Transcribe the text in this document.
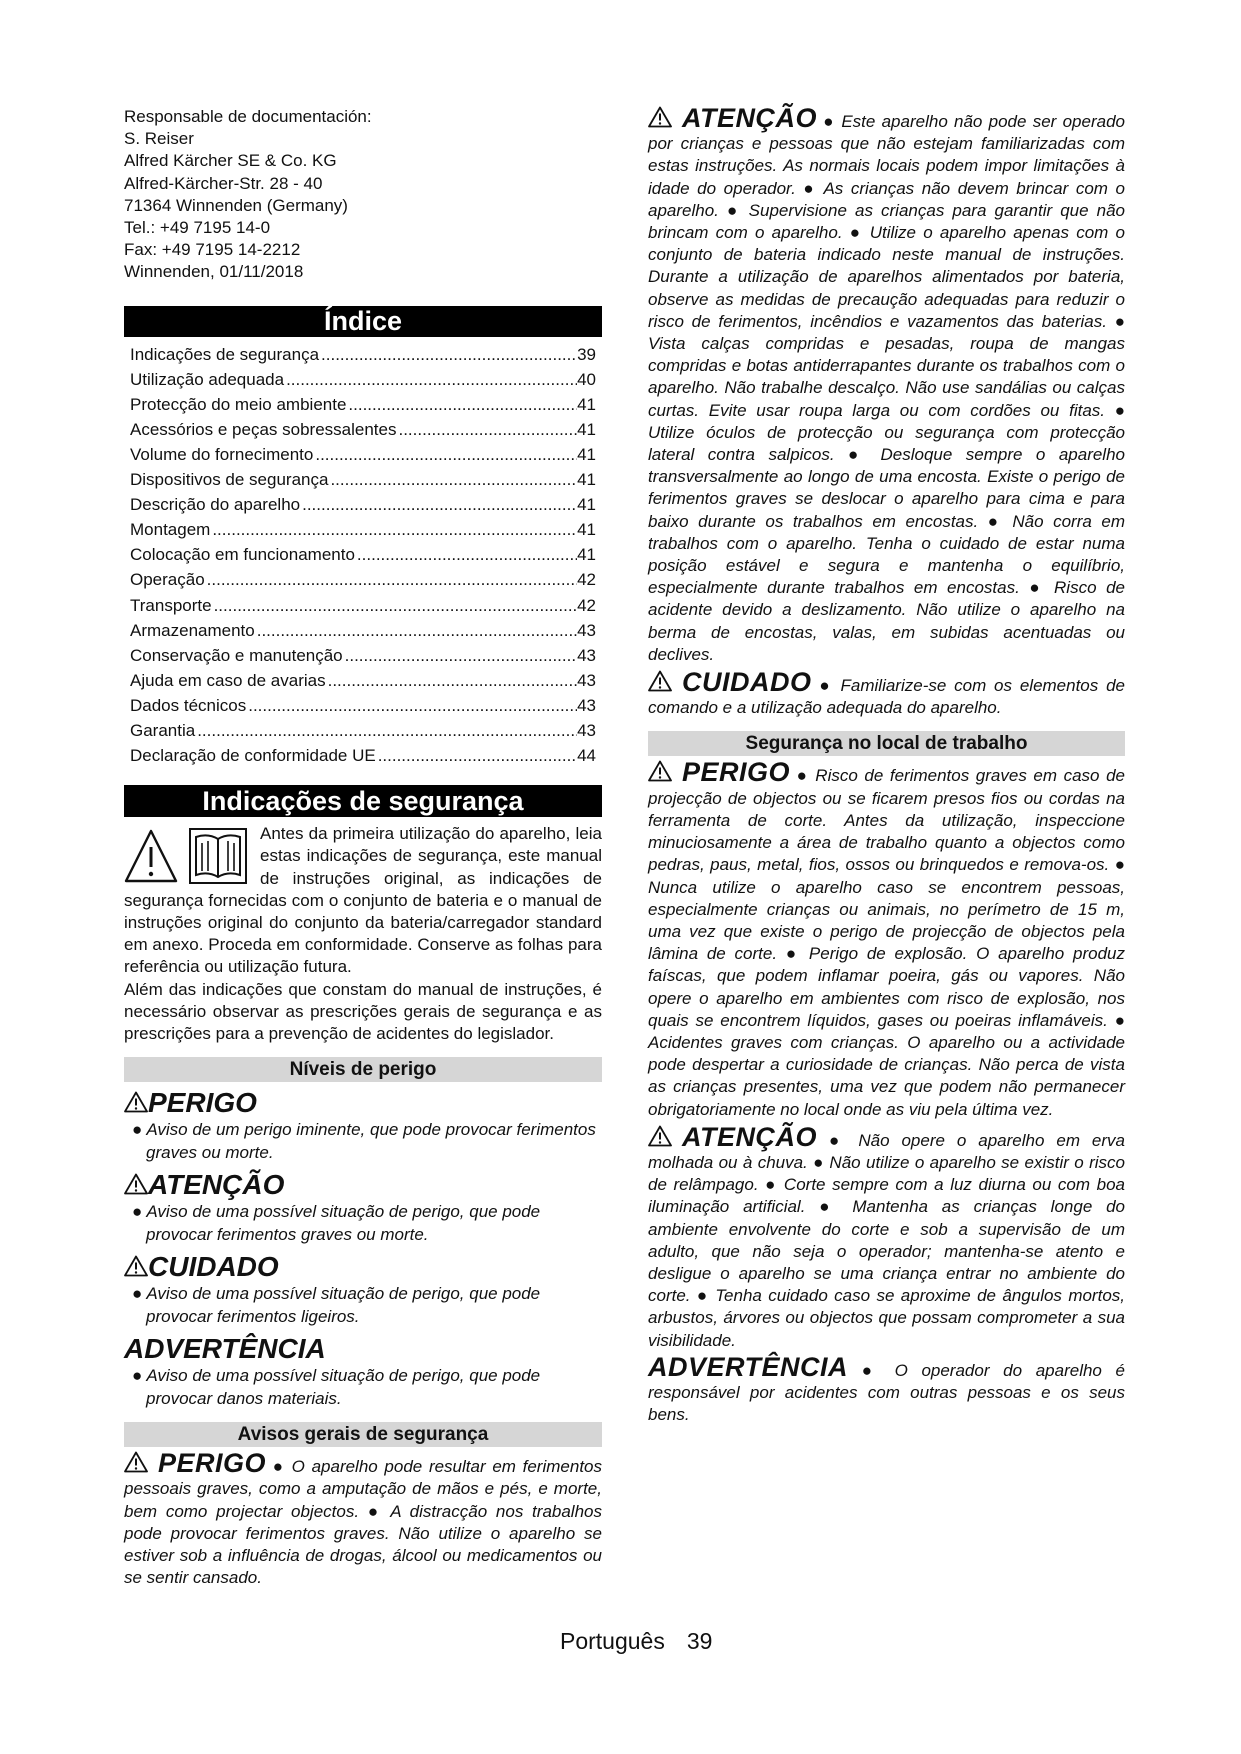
Responsable de documentación:
S. Reiser
Alfred Kärcher SE & Co. KG
Alfred-Kärcher-Str. 28 - 40
71364 Winnenden (Germany)
Tel.: +49 7195 14-0
Fax: +49 7195 14-2212
Winnenden, 01/11/2018
Índice
Indicações de segurança .....	39
Utilização adequada .....	40
Protecção do meio ambiente .....	41
Acessórios e peças sobressalentes .....	41
Volume do fornecimento .....	41
Dispositivos de segurança .....	41
Descrição do aparelho .....	41
Montagem .....	41
Colocação em funcionamento .....	41
Operação .....	42
Transporte .....	42
Armazenamento .....	43
Conservação e manutenção .....	43
Ajuda em caso de avarias .....	43
Dados técnicos .....	43
Garantia .....	43
Declaração de conformidade UE .....	44
Indicações de segurança

Antes da primeira utilização do aparelho, leia estas indicações de segurança, este manual de instruções original, as indicações de segurança fornecidas com o conjunto de bateria e o manual de instruções original do conjunto da bateria/carregador standard em anexo. Proceda em conformidade. Conserve as folhas para referência ou utilização futura.

Além das indicações que constam do manual de instruções, é necessário observar as prescrições gerais de segurança e as prescrições para a prevenção de acidentes do legislador.

Níveis de perigo
PERIGO
● Aviso de um perigo iminente, que pode provocar ferimentos graves ou morte.
ATENÇÃO
● Aviso de uma possível situação de perigo, que pode provocar ferimentos graves ou morte.
CUIDADO
● Aviso de uma possível situação de perigo, que pode provocar ferimentos ligeiros.
ADVERTÊNCIA
● Aviso de uma possível situação de perigo, que pode provocar danos materiais.
Avisos gerais de segurança
PERIGO ● O aparelho pode resultar em ferimentos pessoais graves, como a amputação de mãos e pés, e morte, bem como projectar objectos. ● A distracção nos trabalhos pode provocar ferimentos graves. Não utilize o aparelho se estiver sob a influência de drogas, álcool ou medicamentos ou se sentir cansado.
ATENÇÃO ● Este aparelho não pode ser operado por crianças e pessoas que não estejam familiarizadas com estas instruções. As normais locais podem impor limitações à idade do operador. ● As crianças não devem brincar com o aparelho. ● Supervisione as crianças para garantir que não brincam com o aparelho. ● Utilize o aparelho apenas com o conjunto de bateria indicado neste manual de instruções. Durante a utilização de aparelhos alimentados por bateria, observe as medidas de precaução adequadas para reduzir o risco de ferimentos, incêndios e vazamentos das baterias. ● Vista calças compridas e pesadas, roupa de mangas compridas e botas antiderrapantes durante os trabalhos com o aparelho. Não trabalhe descalço. Não use sandálias ou calças curtas. Evite usar roupa larga ou com cordões ou fitas. ● Utilize óculos de protecção ou segurança com protecção lateral contra salpicos. ● Desloque sempre o aparelho transversalmente ao longo de uma encosta. Existe o perigo de ferimentos graves se deslocar o aparelho para cima e para baixo durante os trabalhos em encostas. ● Não corra em trabalhos com o aparelho. Tenha o cuidado de estar numa posição estável e segura e mantenha o equilíbrio, especialmente durante trabalhos em encostas. ● Risco de acidente devido a deslizamento. Não utilize o aparelho na berma de encostas, valas, em subidas acentuadas ou declives.
CUIDADO ● Familiarize-se com os elementos de comando e a utilização adequada do aparelho.
Segurança no local de trabalho
PERIGO ● Risco de ferimentos graves em caso de projecção de objectos ou se ficarem presos fios ou cordas na ferramenta de corte. Antes da utilização, inspeccione minuciosamente a área de trabalho quanto a objectos como pedras, paus, metal, fios, ossos ou brinquedos e remova-os. ● Nunca utilize o aparelho caso se encontrem pessoas, especialmente crianças ou animais, no perímetro de 15 m, uma vez que existe o perigo de projecção de objectos pela lâmina de corte. ● Perigo de explosão. O aparelho produz faíscas, que podem inflamar poeira, gás ou vapores. Não opere o aparelho em ambientes com risco de explosão, nos quais se encontrem líquidos, gases ou poeiras inflamáveis. ● Acidentes graves com crianças. O aparelho ou a actividade pode despertar a curiosidade de crianças. Não perca de vista as crianças presentes, uma vez que podem não permanecer obrigatoriamente no local onde as viu pela última vez.
ATENÇÃO ● Não opere o aparelho em erva molhada ou à chuva. ● Não utilize o aparelho se existir o risco de relâmpago. ● Corte sempre com a luz diurna ou com boa iluminação artificial. ● Mantenha as crianças longe do ambiente envolvente do corte e sob a supervisão de um adulto, que não seja o operador; mantenha-se atento e desligue o aparelho se uma criança entrar no ambiente do corte. ● Tenha cuidado caso se aproxime de ângulos mortos, arbustos, árvores ou objectos que possam comprometer a sua visibilidade.
ADVERTÊNCIA ● O operador do aparelho é responsável por acidentes com outras pessoas e os seus bens.
Português 39
